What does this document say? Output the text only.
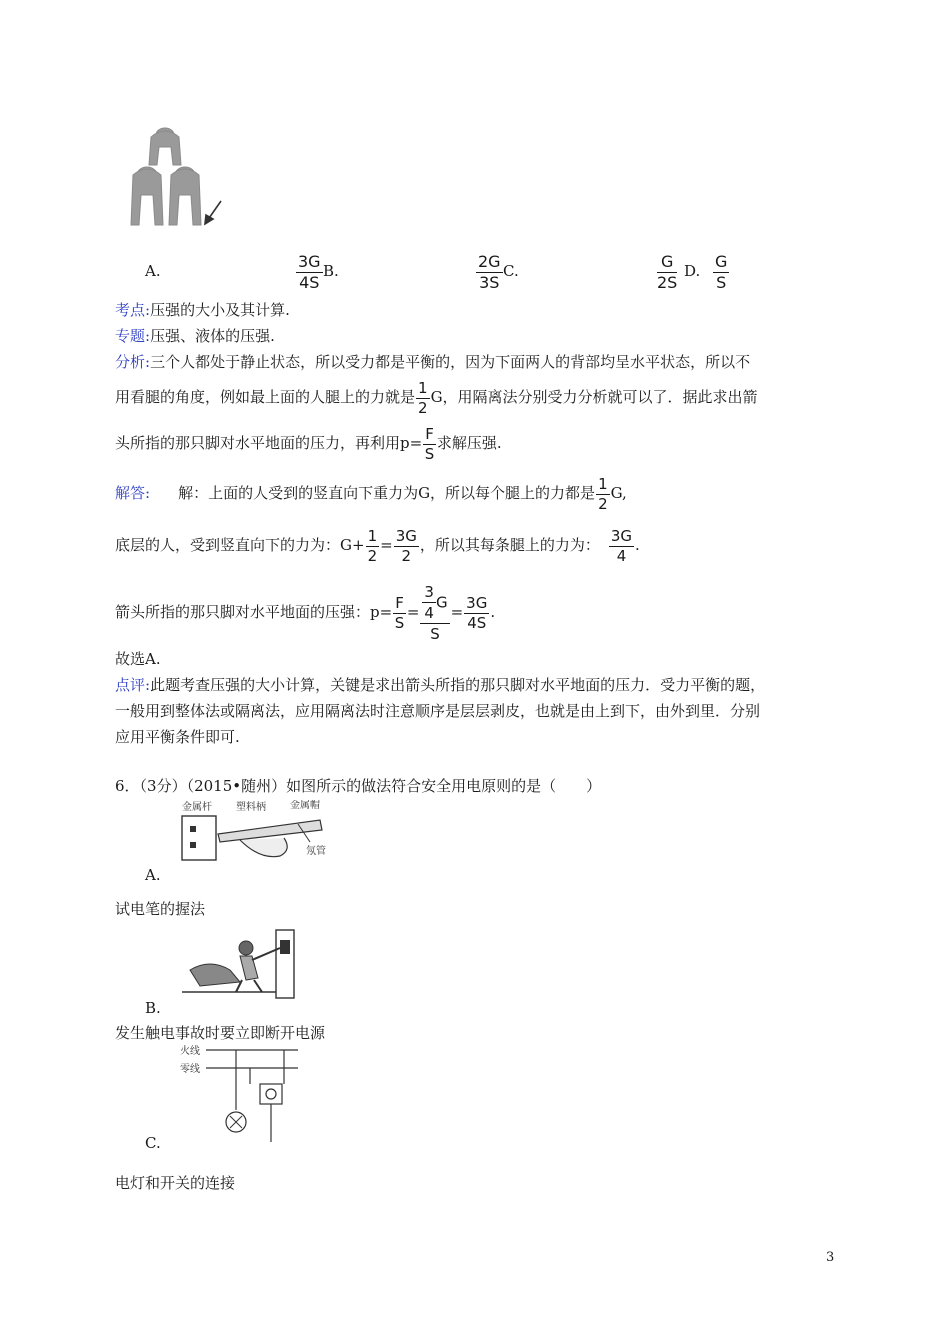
A.	$\frac{3G}{4S} B$.	$\frac{2G}{3S} C$.	$\frac{G}{2S} D$. $\frac{G}{S}$
考点:压强的大小及其计算.
专题:压强、液体的压强.
分析:三个人都处于静止状态，所以受力都是平衡的，因为下面两人的背部均呈水平状态，所以不
用看腿的角度，例如最上面的人腿上的力就是 $\frac{1}{2}$ G，用隔离法分别受力分析就可以了．据此求出箭
头所指的那只脚对水平地面的压力，再利用$p= \frac{F}{S}$ 求解压强.
解答: 解：上面的人受到的竖直向下重力为G，所以每个腿上的力都是 $\frac{1}{2} G$,
底层的人，受到竖直向下的力为：$G+ \frac{1}{2} = \frac{3G}{2}$ ，所以其每条腿上的力为： $\frac{3G}{4}$ .
箭头所指的那只脚对水平地面的压强：$p= \frac{F}{S} = \frac{\frac{3}{4} G}{S} = \frac{3G}{4S}$ .
故选A.
点评:此题考查压强的大小计算，关键是求出箭头所指的那只脚对水平地面的压力．受力平衡的题，
一般用到整体法或隔离法，应用隔离法时注意顺序是层层剥皮，也就是由上到下，由外到里．分别
应用平衡条件即可.
6．（3分）（2015•随州）如图所示的做法符合安全用电原则的是（　　）
金属杆 塑料柄 金属帽
氖管
A.
试电笔的握法
B.
发生触电事故时要立即断开电源
火线
零线
C.
电灯和开关的连接
3
